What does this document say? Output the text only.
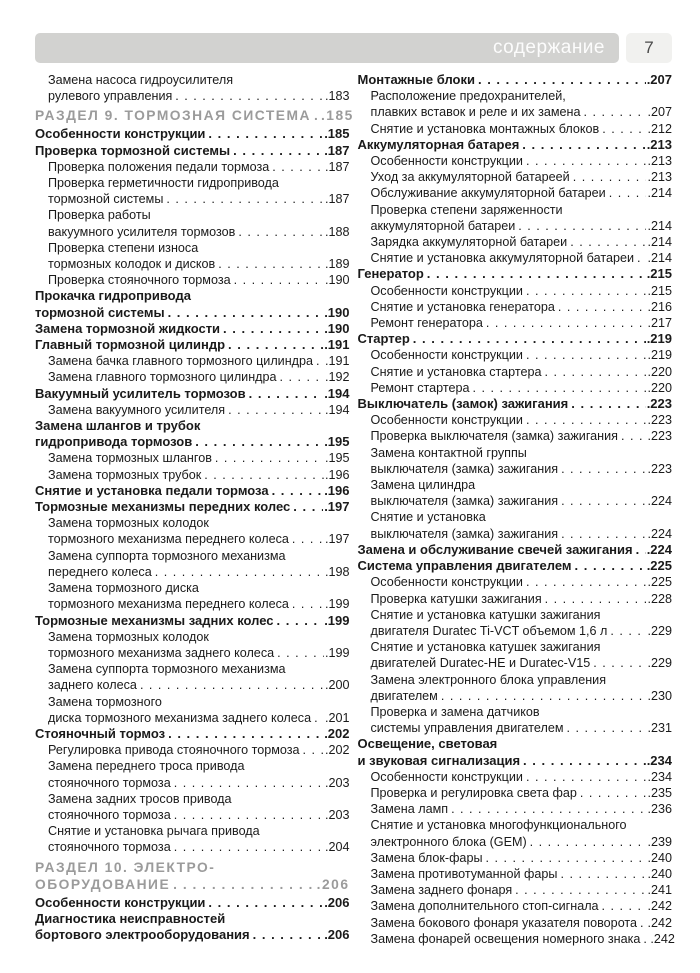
содержание 7
Замена насоса гидроусилителя
рулевого управления . . .	.183
РАЗДЕЛ 9. ТОРМОЗНАЯ СИСТЕМА . . . .185
Особенности конструкции . . .	.185
Проверка тормозной системы . . .	.187
Проверка положения педали тормоза . . .	.187
Проверка герметичности гидропривода
тормозной системы . . .	.187
Проверка работы
вакуумного усилителя тормозов . . .	.188
Проверка степени износа
тормозных колодок и дисков . . .	.189
Проверка стояночного тормоза . . .	.190
Прокачка гидропривода
тормозной системы . . .	.190
Замена тормозной жидкости . . .	.190
Главный тормозной цилиндр . . .	.191
Замена бачка главного тормозного цилиндра . . . .191
Замена главного тормозного цилиндра . . .	.192
Вакуумный усилитель тормозов . . .	.194
Замена вакуумного усилителя . . .	.194
Замена шлангов и трубок
гидропривода тормозов . . .	.195
Замена тормозных шлангов . . .	.195
Замена тормозных трубок . . .	.196
Снятие и установка педали тормоза . . .	.196
Тормозные механизмы передних колес . . .	.197
Замена тормозных колодок
тормозного механизма переднего колеса . . .	.197
Замена суппорта тормозного механизма
переднего колеса . . .	.198
Замена тормозного диска
тормозного механизма переднего колеса . . .	.199
Тормозные механизмы задних колес . . .	.199
Замена тормозных колодок
тормозного механизма заднего колеса . . .	.199
Замена суппорта тормозного механизма
заднего колеса . . .	.200
Замена тормозного
диска тормозного механизма заднего колеса . . . .201
Стояночный тормоз . . .	.202
Регулировка привода стояночного тормоза . . . .202
Замена переднего троса привода
стояночного тормоза . . .	.203
Замена задних тросов привода
стояночного тормоза . . .	.203
Снятие и установка рычага привода
стояночного тормоза . . .	.204
РАЗДЕЛ 10. ЭЛЕКТРО-
ОБОРУДОВАНИЕ . . .	.206
Особенности конструкции . . .	.206
Диагностика неисправностей
бортового электрооборудования . . .	.206
Монтажные блоки . . .	.207
Расположение предохранителей,
плавких вставок и реле и их замена . . .	.207
Снятие и установка монтажных блоков . . .	.212
Аккумуляторная батарея . . .	.213
Особенности конструкции . . .	.213
Уход за аккумуляторной батареей . . .	.213
Обслуживание аккумуляторной батареи . . .	.214
Проверка степени заряженности
аккумуляторной батареи . . .	.214
Зарядка аккумуляторной батареи . . .	.214
Снятие и установка аккумуляторной батареи . . . .214
Генератор . . .	.215
Особенности конструкции . . .	.215
Снятие и установка генератора . . .	.216
Ремонт генератора . . .	.217
Стартер . . .	.219
Особенности конструкции . . .	.219
Снятие и установка стартера . . .	.220
Ремонт стартера . . .	.220
Выключатель (замок) зажигания . . .	.223
Особенности конструкции . . .	.223
Проверка выключателя (замка) зажигания . . . .223
Замена контактной группы
выключателя (замка) зажигания . . .	.223
Замена цилиндра
выключателя (замка) зажигания . . .	.224
Снятие и установка
выключателя (замка) зажигания . . .	.224
Замена и обслуживание свечей зажигания . . . .224
Система управления двигателем . . .	.225
Особенности конструкции . . .	.225
Проверка катушки зажигания . . .	.228
Снятие и установка катушки зажигания
двигателя Duratec Ti-VCT объемом 1,6 л . . .	.229
Снятие и установка катушек зажигания
двигателей Duratec-HE и Duratec-V15 . . .	.229
Замена электронного блока управления
двигателем . . .	.230
Проверка и замена датчиков
системы управления двигателем . . .	.231
Освещение, световая
и звуковая сигнализация . . .	.234
Особенности конструкции . . .	.234
Проверка и регулировка света фар . . .	.235
Замена ламп . . .	.236
Снятие и установка многофункционального
электронного блока (GEM) . . .	.239
Замена блок-фары . . .	.240
Замена противотуманной фары . . .	.240
Замена заднего фонаря . . .	.241
Замена дополнительного стоп-сигнала . . .	.242
Замена бокового фонаря указателя поворота . . . .242
Замена фонарей освещения номерного знака . . . .242
